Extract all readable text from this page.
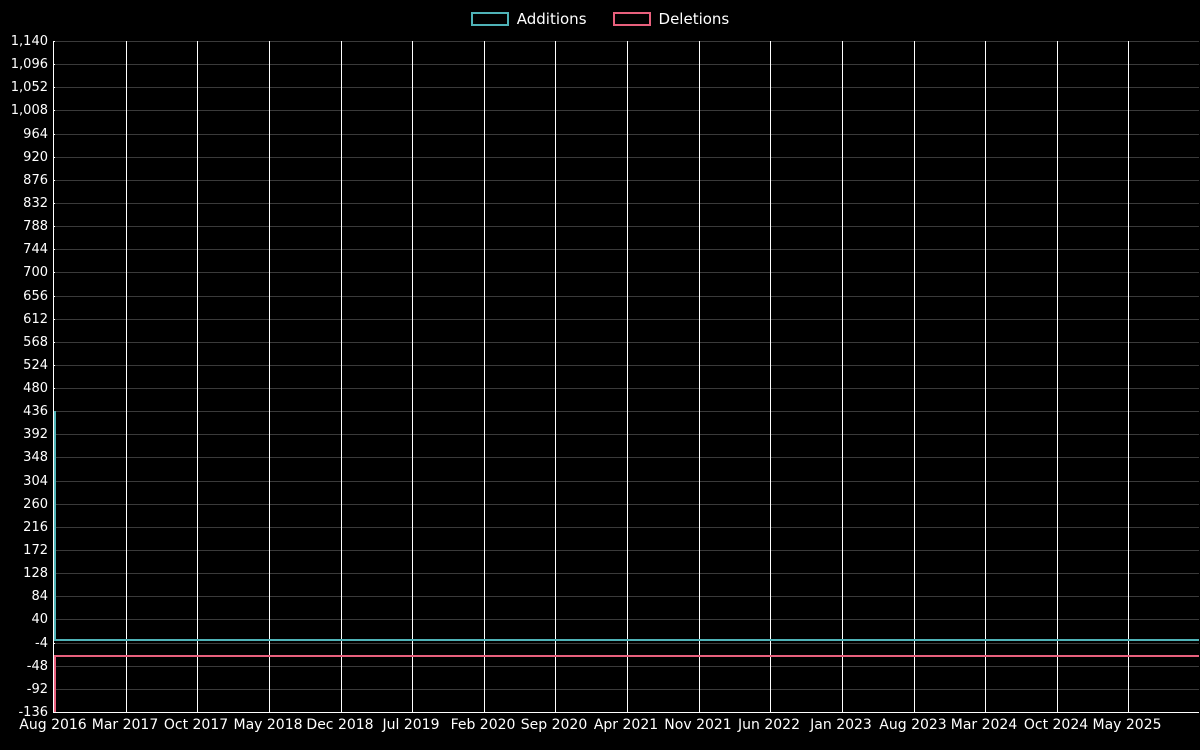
Additions	Deletions
1,140
1,096
1,052
1,008
964
920
876
832
788
744
700
656
612
568
524
480
436
392
348
304
260
216
172
128
84
40
-4
-48
-92
-136
Aug 2016 Mar 2017 Oct 2017 May 2018 Dec 2018 Jul 2019 Feb 2020 Sep 2020 Apr 2021 Nov 2021 Jun 2022 Jan 2023 Aug 2023 Mar 2024 Oct 2024 May 2025
